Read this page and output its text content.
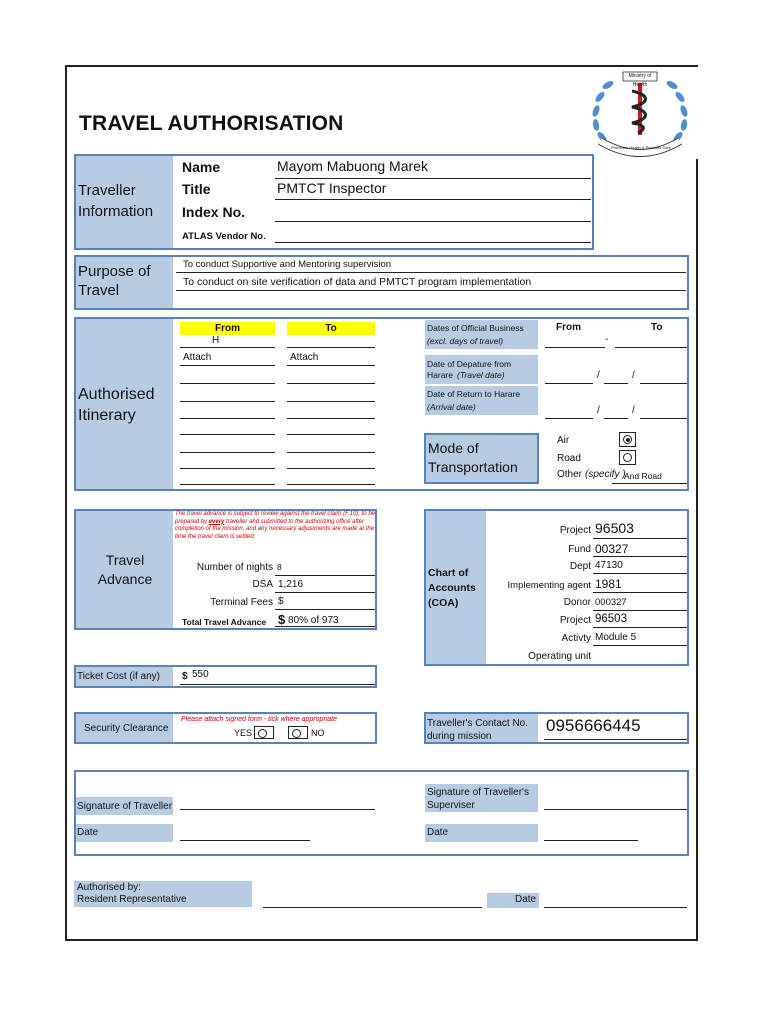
TRAVEL AUTHORISATION
Ministry of Health
Promotes Health & Provides Care
Traveller Information
Name	Mayom Mabuong Marek
Title	PMTCT Inspector
Index No.
ATLAS Vendor No.
Purpose of Travel
To conduct Supportive and Mentoring supervision
To conduct on site verification of data and PMTCT program implementation
Authorised Itinerary
From	To
H
Attach	Attach
Dates of Official Business
(excl. days of travel)
From	To
-
Date of Depature from Harare (Travel date)	/	/
Date of Return to Harare
(Arrival date)	/	/
Mode of Transportation
Air
Road
Other (specify )
And Road
Travel Advance
The travel advance is subject to review against the travel claim (F.10), to be prepared by every traveller and submitted to the authorizing office after completion of the mission, and any necessary adjustments are made at the time the travel claim is settled.
Number of nights 8
DSA 1,216
Terminal Fees $
Total Travel Advance $ 80% of 973
Chart of Accounts (COA)
Project 96503
Fund 00327
Dept 47130
Implementing agent 1981
Donor 000327
Project 96503
Activty Module 5
Operating unit
Ticket Cost (if any) $ 550
Security Clearance
Please attach signed form - tick where appropriate
YES	NO
Traveller's Contact No. during mission
0956666445
Signature of Traveller
Date
Signature of Traveller's Superviser
Date
Authorised by:
Resident Representative	Date
